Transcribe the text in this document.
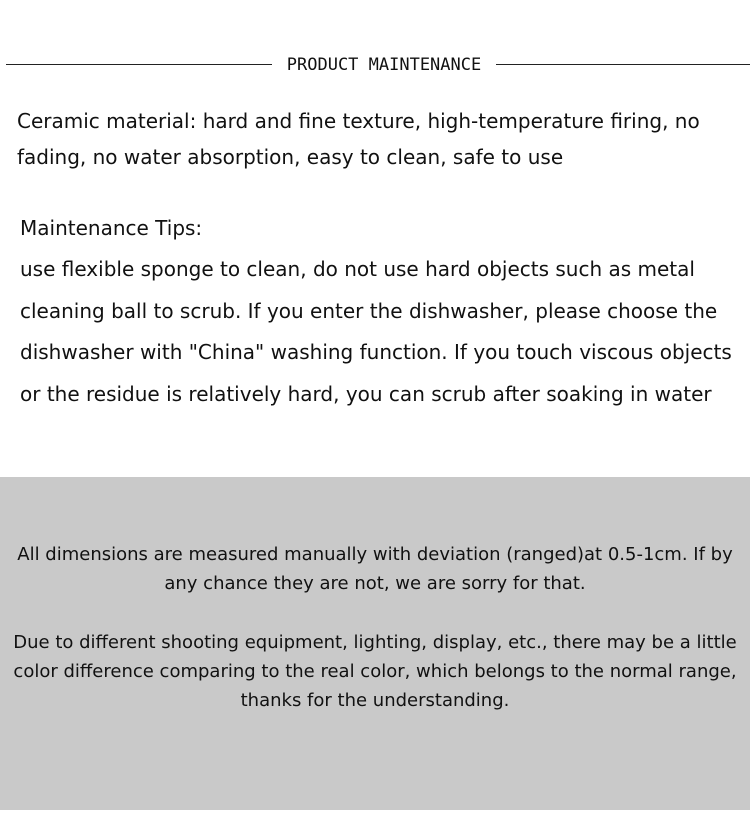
PRODUCT MAINTENANCE

Ceramic material: hard and fine texture, high-temperature firing, no fading, no water absorption, easy to clean, safe to use

Maintenance Tips:

use flexible sponge to clean, do not use hard objects such as metal cleaning ball to scrub. If you enter the dishwasher, please choose the dishwasher with "China" washing function. If you touch viscous objects or the residue is relatively hard, you can scrub after soaking in water

All dimensions are measured manually with deviation (ranged)at 0.5-1cm. If by any chance they are not, we are sorry for that.

Due to different shooting equipment, lighting, display, etc., there may be a little color difference comparing to the real color, which belongs to the normal range, thanks for the understanding.
